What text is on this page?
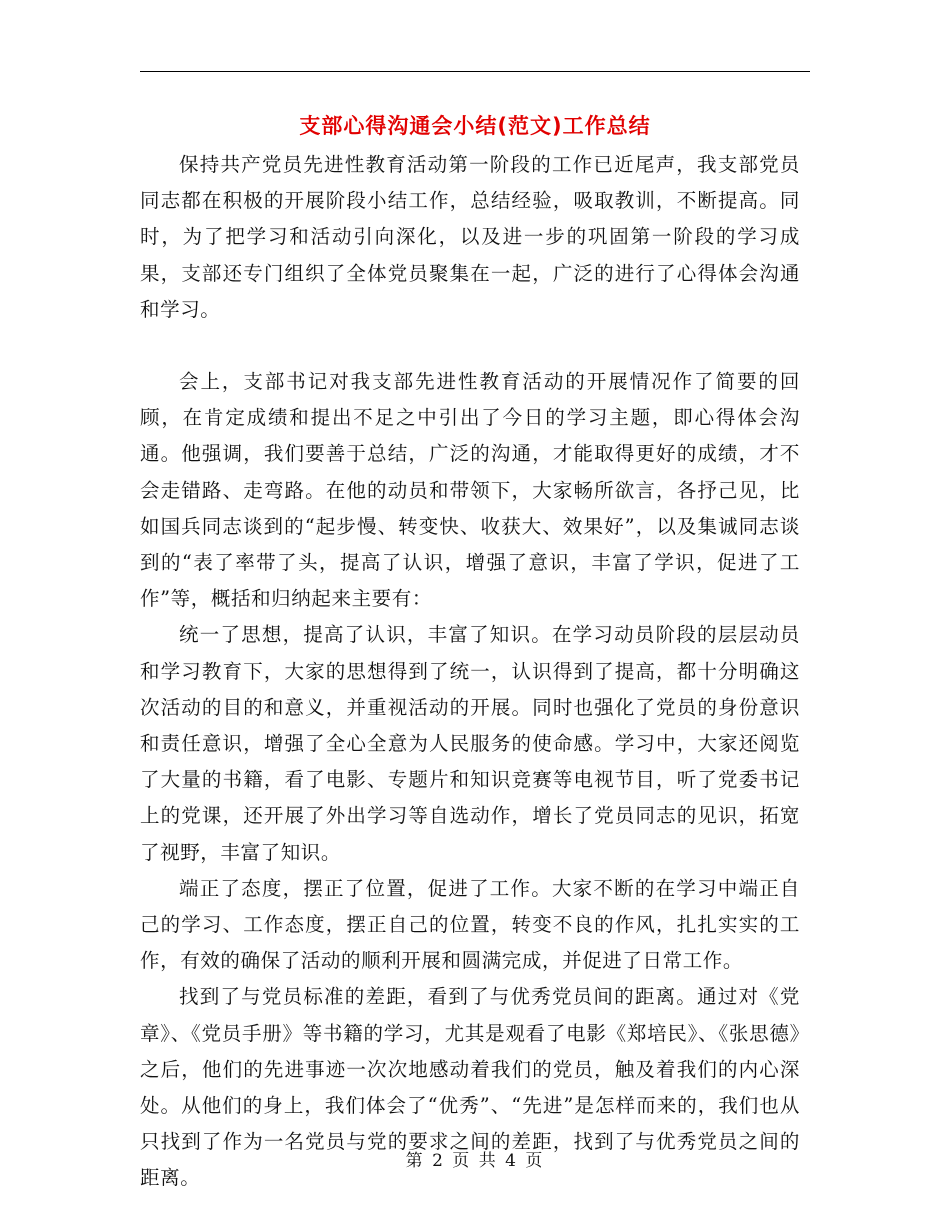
支部心得沟通会小结(范文)工作总结

保持共产党员先进性教育活动第一阶段的工作已近尾声，我支部党员同志都在积极的开展阶段小结工作，总结经验，吸取教训，不断提高。同时，为了把学习和活动引向深化，以及进一步的巩固第一阶段的学习成果，支部还专门组织了全体党员聚集在一起，广泛的进行了心得体会沟通和学习。

会上，支部书记对我支部先进性教育活动的开展情况作了简要的回顾，在肯定成绩和提出不足之中引出了今日的学习主题，即心得体会沟通。他强调，我们要善于总结，广泛的沟通，才能取得更好的成绩，才不会走错路、走弯路。在他的动员和带领下，大家畅所欲言，各抒己见，比如国兵同志谈到的“起步慢、转变快、收获大、效果好”，以及集诚同志谈到的“表了率带了头，提高了认识，增强了意识，丰富了学识，促进了工作”等，概括和归纳起来主要有：

统一了思想，提高了认识，丰富了知识。在学习动员阶段的层层动员和学习教育下，大家的思想得到了统一，认识得到了提高，都十分明确这次活动的目的和意义，并重视活动的开展。同时也强化了党员的身份意识和责任意识，增强了全心全意为人民服务的使命感。学习中，大家还阅览了大量的书籍，看了电影、专题片和知识竞赛等电视节目，听了党委书记上的党课，还开展了外出学习等自选动作，增长了党员同志的见识，拓宽了视野，丰富了知识。

端正了态度，摆正了位置，促进了工作。大家不断的在学习中端正自己的学习、工作态度，摆正自己的位置，转变不良的作风，扎扎实实的工作，有效的确保了活动的顺利开展和圆满完成，并促进了日常工作。

找到了与党员标准的差距，看到了与优秀党员间的距离。通过对《党章》、《党员手册》等书籍的学习，尤其是观看了电影《郑培民》、《张思德》之后，他们的先进事迹一次次地感动着我们的党员，触及着我们的内心深处。从他们的身上，我们体会了“优秀”、“先进”是怎样而来的，我们也从只找到了作为一名党员与党的要求之间的差距，找到了与优秀党员之间的距离。

第 2 页 共 4 页
